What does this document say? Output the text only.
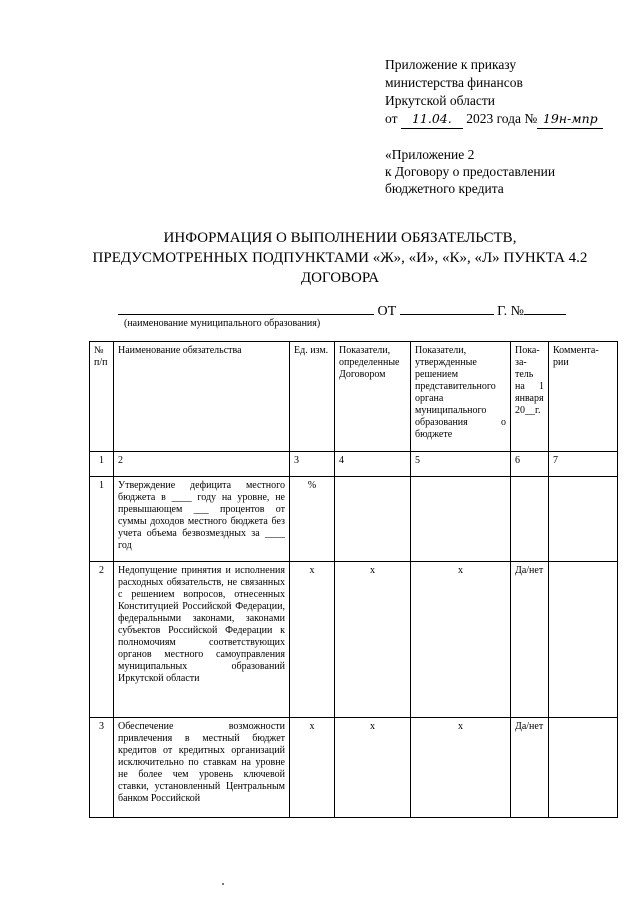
Приложение к приказу
министерства финансов
Иркутской области
от 11.04. 2023 года № 19н-мпр
«Приложение 2
к Договору о предоставлении
бюджетного кредита
ИНФОРМАЦИЯ О ВЫПОЛНЕНИИ ОБЯЗАТЕЛЬСТВ,
ПРЕДУСМОТРЕННЫХ ПОДПУНКТАМИ «Ж», «И», «К», «Л» ПУНКТА 4.2
ДОГОВОРА
ОТ	Г. №
(наименование муниципального образования)
№ п/п	Наименование обязательства	Ед. изм.	Показатели, определенные Договором	Показатели, утвержденные решением представительного органа муниципального образования о бюджете	Пока-за-тель на 1 января 20__г.	Коммента-рии
1	2	3	4	5	6	7
1	Утверждение дефицита местного бюджета в ____ году на уровне, не превышающем ___ процентов от суммы доходов местного бюджета без учета объема безвозмездных за ____ год	%				
2	Недопущение принятия и исполнения расходных обязательств, не связанных с решением вопросов, отнесенных Конституцией Российской Федерации, федеральными законами, законами субъектов Российской Федерации к полномочиям соответствующих органов местного самоуправления муниципальных образований Иркутской области	x	x	x	Да/нет	
3	Обеспечение возможности привлечения в местный бюджет кредитов от кредитных организаций исключительно по ставкам на уровне не более чем уровень ключевой ставки, установленный Центральным банком Российской	x	x	x	Да/нет	
